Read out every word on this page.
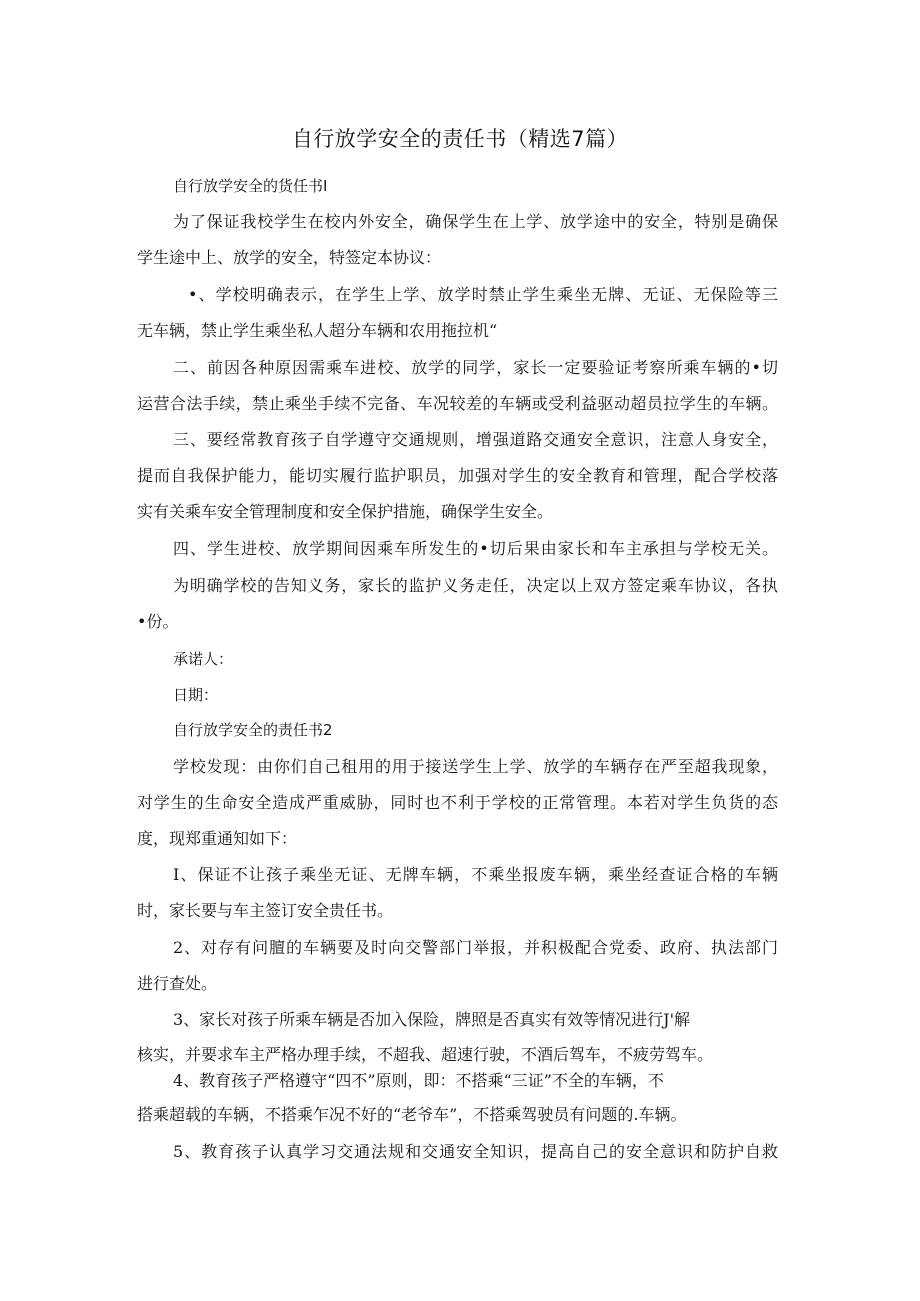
自行放学安全的责任书（精选7篇）
自行放学安全的货任书I
为了保证我校学生在校内外安全，确保学生在上学、放学途中的安全，特别是确保
学生途中上、放学的安全，特签定本协议：
•、学校明确表示，在学生上学、放学时禁止学生乘坐无牌、无证、无保险等三
无车辆，禁止学生乘坐私人超分车辆和农用拖拉机“
二、前因各种原因需乘车进校、放学的同学，家长一定要验证考察所乘车辆的•切
运营合法手续，禁止乘坐手续不完备、车况较差的车辆或受利益驱动超员拉学生的车辆。
三、要经常教育孩子自学遵守交通规则，增强道路交通安全意识，注意人身安全，
提而自我保护能力，能切实履行监护职员，加强对学生的安全教育和管理，配合学校落
实有关乘车安全管理制度和安全保护措施，确保学生安全。
四、学生进校、放学期间因乘车所发生的•切后果由家长和车主承担与学校无关。
为明确学校的告知义务，家长的监护义务走任，决定以上双方签定乘车协议，各执
•份。
承诺人：
日期：
自行放学安全的责任书2
学校发现：由你们自己租用的用于接送学生上学、放学的车辆存在严至超我现象，
对学生的生命安全造成严重威胁，同时也不利于学校的正常管理。本若对学生负货的态
度，现郑重通知如下：
I、保证不让孩子乘坐无证、无牌车辆，不乘坐报废车辆，乘坐经查证合格的车辆
时，家长要与车主签订安全贵任书。
2、对存有问膻的车辆要及时向交警部门举报，并积极配合党委、政府、执法部门
进行查处。
3、家长对孩子所乘车辆是否加入保险，牌照是否真实有效等情况进行J'解
核实，并要求车主严格办理手续，不超我、超速行驶，不酒后驾车，不疲劳驾车。
4、教育孩子严格遵守“四不”原则，即：不搭乘“三证”不全的车辆，不
搭乘超载的车辆，不搭乘乍况不好的“老爷车”，不搭乘驾驶员有问题的.车辆。
5、教育孩子认真学习交通法规和交通安全知识，提高自己的安全意识和防护自救
